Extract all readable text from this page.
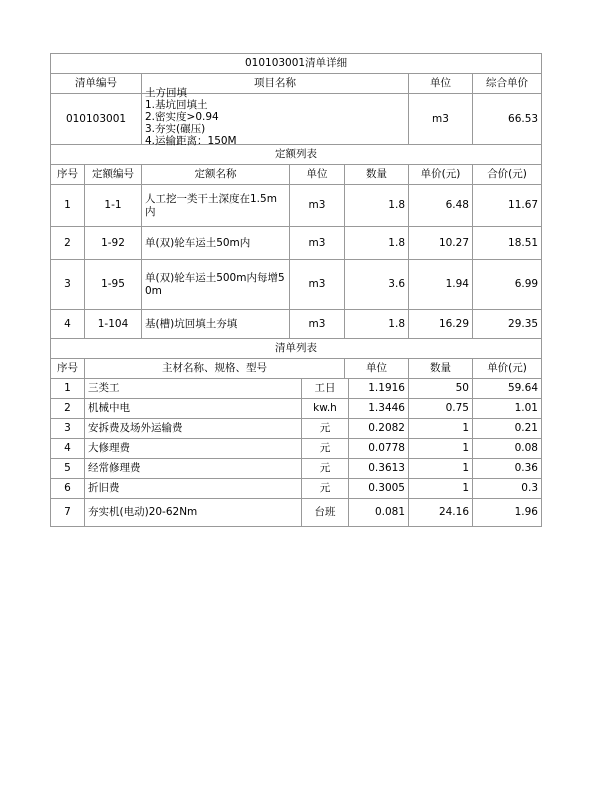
010103001清单详细							
清单编号		项目名称			单位	综合单价	
010103001		土方回填
1.基坑回填土
2.密实度>0.94
3.夯实(碾压)
4.运输距离：150M			m3	66.53	
定额列表							
序号	定额编号	定额名称	单位	数量	单价(元)	合价(元)	
1	1-1	人工挖一类干土深度在1.5m内	m3	1.8	6.48	11.67	
2	1-92	单(双)轮车运土50m内	m3	1.8	10.27	18.51	
3	1-95	单(双)轮车运土500m内每增50m	m3	3.6	1.94	6.99	
4	1-104	基(槽)坑回填土夯填	m3	1.8	16.29	29.35	
清单列表							
序号	主材名称、规格、型号			单位	数量	单价(元)	
1	三类工	工日	1.1916	50	59.64
2	机械中电	kw.h	1.3446	0.75	1.01
3	安拆费及场外运输费	元	0.2082	1	0.21
4	大修理费	元	0.0778	1	0.08
5	经常修理费	元	0.3613	1	0.36
6	折旧费	元	0.3005	1	0.3
7	夯实机(电动)20-62Nm	台班	0.081	24.16	1.96
